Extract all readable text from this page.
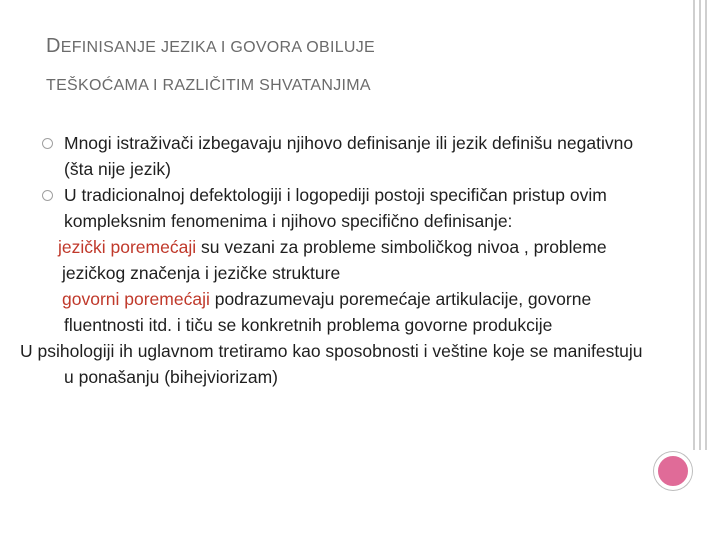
DEFINISANJE JEZIKA I GOVORA OBILUJE
TEŠKOĆAMA I RAZLIČITIM SHVATANJIMA
Mnogi istraživači izbegavaju njihovo definisanje ili jezik definišu negativno (šta nije jezik)
U tradicionalnoj defektologiji i logopediji postoji specifičan pristup ovim kompleksnim fenomenima i njihovo specifično definisanje:
jezički poremećaji su vezani za probleme simboličkog nivoa , probleme jezičkog značenja i jezičke strukture
govorni poremećaji podrazumevaju poremećaje artikulacije, govorne fluentnosti itd. i tiču se konkretnih problema govorne produkcije
U psihologiji ih uglavnom tretiramo kao sposobnosti i veštine koje se manifestuju u ponašanju (bihejviorizam)
